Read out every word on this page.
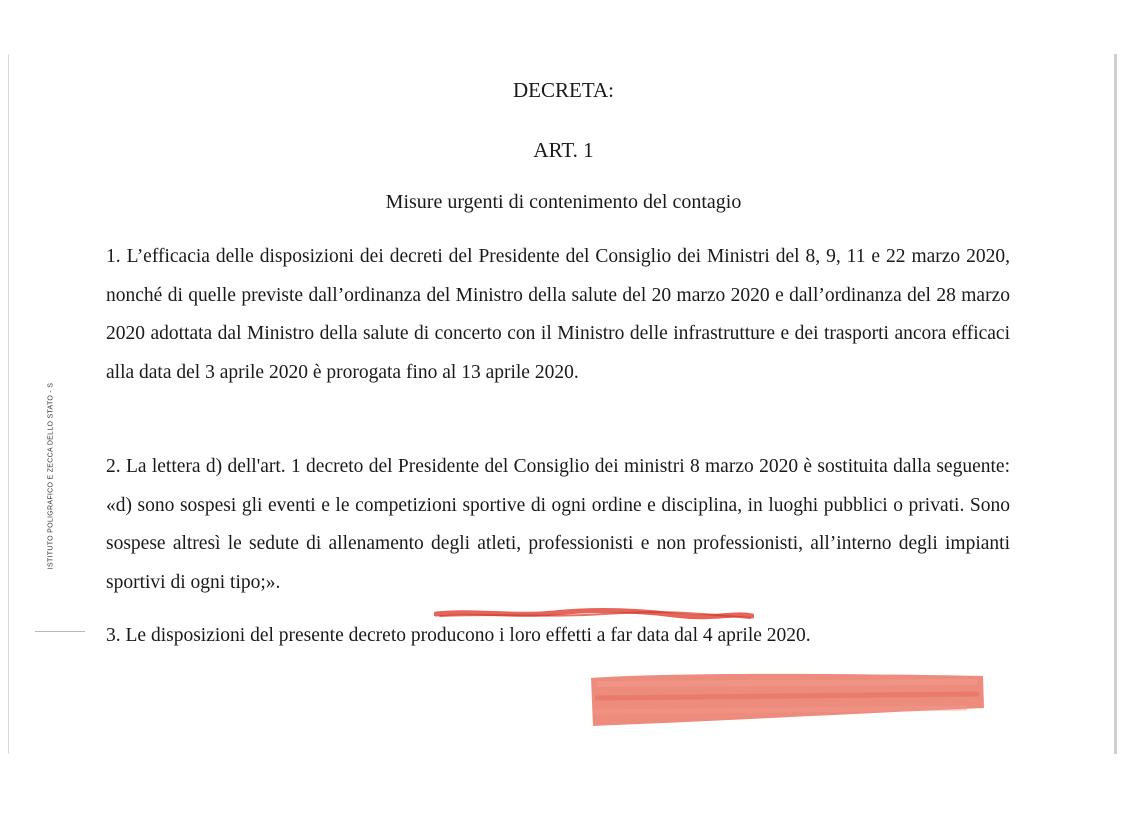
DECRETA:
ART. 1
Misure urgenti di contenimento del contagio

1. L’efficacia delle disposizioni dei decreti del Presidente del Consiglio dei Ministri del 8, 9, 11 e 22 marzo 2020, nonché di quelle previste dall’ordinanza del Ministro della salute del 20 marzo 2020 e dall’ordinanza del 28 marzo 2020 adottata dal Ministro della salute di concerto con il Ministro delle infrastrutture e dei trasporti ancora efficaci alla data del 3 aprile 2020 è prorogata fino al 13 aprile 2020.

2. La lettera d) dell'art. 1 decreto del Presidente del Consiglio dei ministri 8 marzo 2020 è sostituita dalla seguente: «d) sono sospesi gli eventi e le competizioni sportive di ogni ordine e disciplina, in luoghi pubblici o privati. Sono sospese altresì le sedute di allenamento degli atleti, professionisti e non professionisti, all’interno degli impianti sportivi di ogni tipo;».

3. Le disposizioni del presente decreto producono i loro effetti a far data dal 4 aprile 2020.

ISTITUTO POLIGRAFICO E ZECCA DELLO STATO - S
